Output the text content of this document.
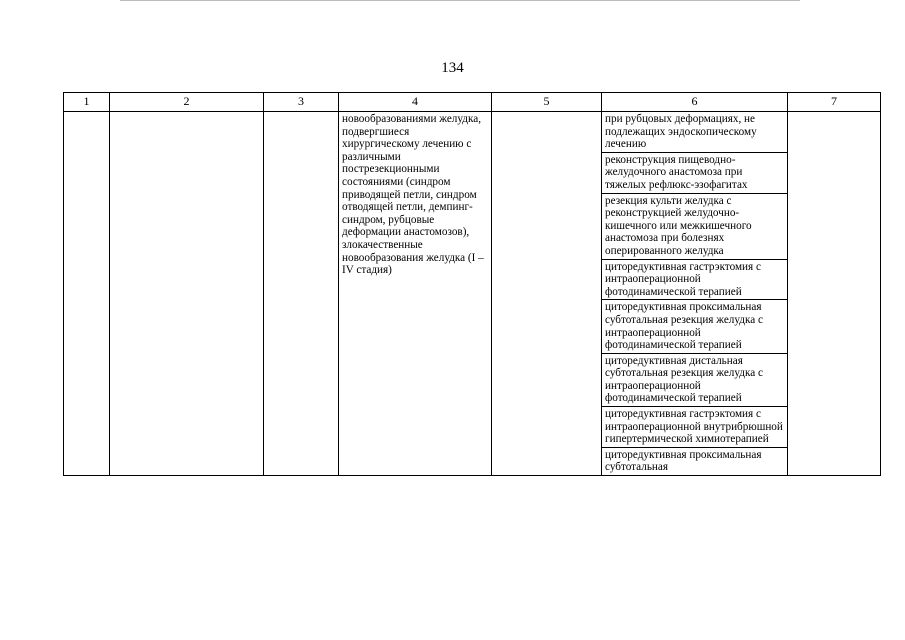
134
1	2	3	4	5	6	7
			новообразованиями желудка, подвергшиеся хирургическому лечению с различными пострезекционными состояниями (синдром приводящей петли, синдром отводящей петли, демпинг-синдром, рубцовые деформации анастомозов), злокачественные новообразования желудка (I – IV стадия)		при рубцовых деформациях, не подлежащих эндоскопическому лечению	
					реконструкция пищеводно-желудочного анастомоза при тяжелых рефлюкс-эзофагитах	
					резекция культи желудка с реконструкцией желудочно-кишечного или межкишечного анастомоза при болезнях оперированного желудка	
					циторедуктивная гастрэктомия с интраоперационной фотодинамической терапией	
					циторедуктивная проксимальная субтотальная резекция желудка с интраоперационной фотодинамической терапией	
					циторедуктивная дистальная субтотальная резекция желудка с интраоперационной фотодинамической терапией	
					циторедуктивная гастрэктомия с интраоперационной внутрибрюшной гипертермической химиотерапией	
					циторедуктивная проксимальная субтотальная	
